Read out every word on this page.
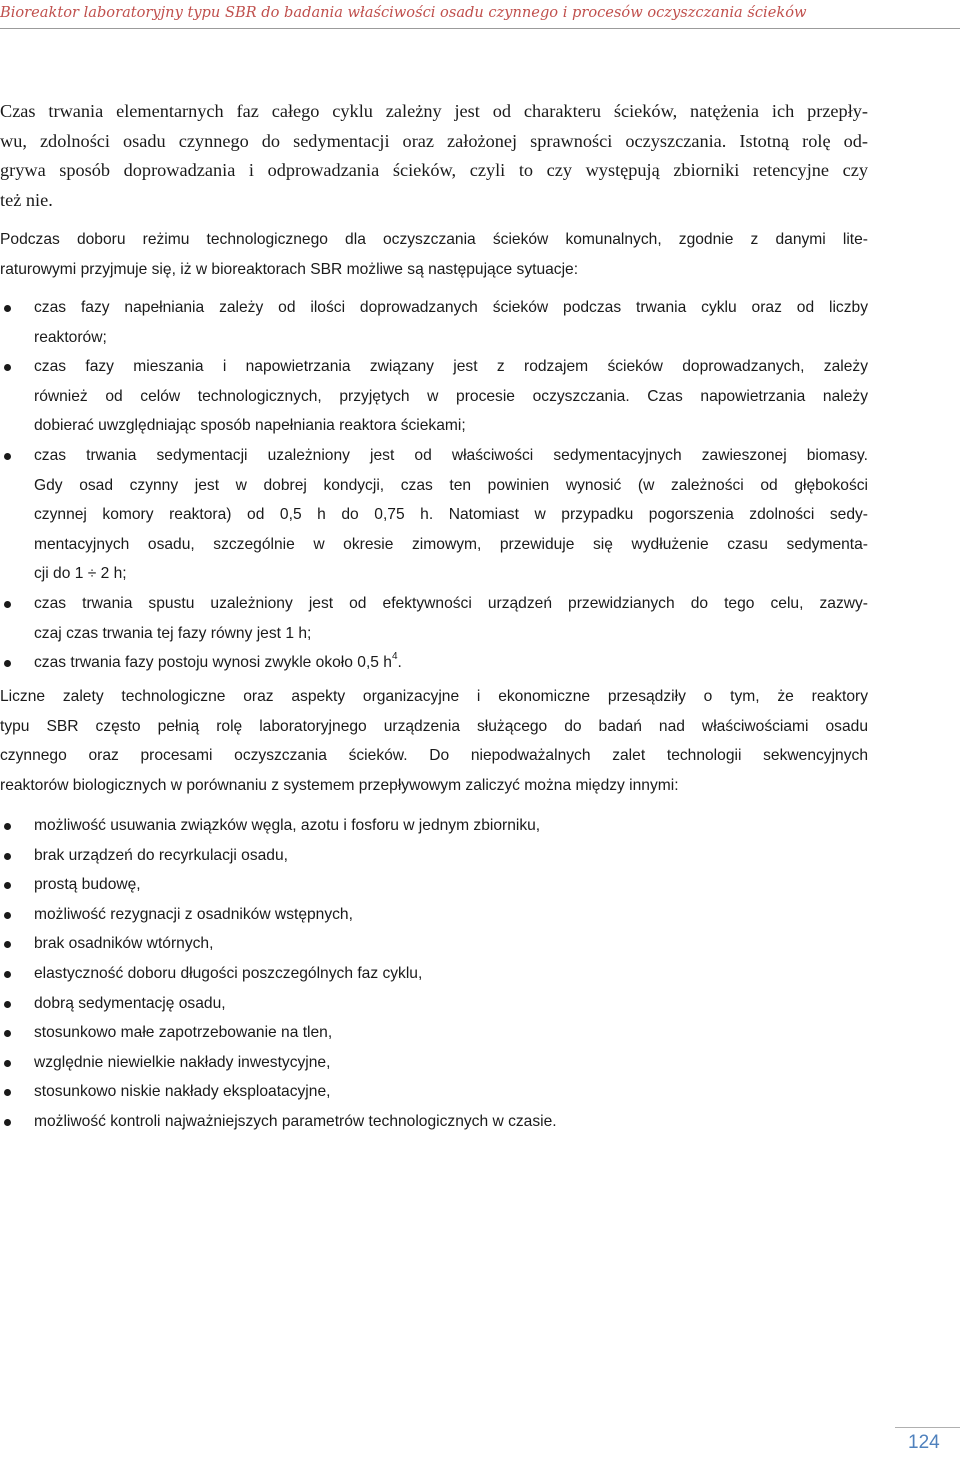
Bioreaktor laboratoryjny typu SBR do badania właściwości osadu czynnego i procesów oczyszczania ścieków
Czas trwania elementarnych faz całego cyklu zależny jest od charakteru ścieków, natężenia ich przepły-
wu, zdolności osadu czynnego do sedymentacji oraz założonej sprawności oczyszczania. Istotną rolę od-
grywa sposób doprowadzania i odprowadzania ścieków, czyli to czy występują zbiorniki retencyjne czy
też nie.
Podczas doboru reżimu technologicznego dla oczyszczania ścieków komunalnych, zgodnie z danymi lite-
raturowymi przyjmuje się, iż w bioreaktorach SBR możliwe są następujące sytuacje:
czas fazy napełniania zależy od ilości doprowadzanych ścieków podczas trwania cyklu oraz od liczby
reaktorów;
czas fazy mieszania i napowietrzania związany jest z rodzajem ścieków doprowadzanych, zależy
również od celów technologicznych, przyjętych w procesie oczyszczania. Czas napowietrzania należy
dobierać uwzględniając sposób napełniania reaktora ściekami;
czas trwania sedymentacji uzależniony jest od właściwości sedymentacyjnych zawieszonej biomasy.
Gdy osad czynny jest w dobrej kondycji, czas ten powinien wynosić (w zależności od głębokości
czynnej komory reaktora) od 0,5 h do 0,75 h. Natomiast w przypadku pogorszenia zdolności sedy-
mentacyjnych osadu, szczególnie w okresie zimowym, przewiduje się wydłużenie czasu sedymenta-
cji do 1 ÷ 2 h;
czas trwania spustu uzależniony jest od efektywności urządzeń przewidzianych do tego celu, zazwy-
czaj czas trwania tej fazy równy jest 1 h;
czas trwania fazy postoju wynosi zwykle około 0,5 $h^4$.
Liczne zalety technologiczne oraz aspekty organizacyjne i ekonomiczne przesądziły o tym, że reaktory
typu SBR często pełnią rolę laboratoryjnego urządzenia służącego do badań nad właściwościami osadu
czynnego oraz procesami oczyszczania ścieków. Do niepodważalnych zalet technologii sekwencyjnych
reaktorów biologicznych w porównaniu z systemem przepływowym zaliczyć można między innymi:
możliwość usuwania związków węgla, azotu i fosforu w jednym zbiorniku,
brak urządzeń do recyrkulacji osadu,
prostą budowę,
możliwość rezygnacji z osadników wstępnych,
brak osadników wtórnych,
elastyczność doboru długości poszczególnych faz cyklu,
dobrą sedymentację osadu,
stosunkowo małe zapotrzebowanie na tlen,
względnie niewielkie nakłady inwestycyjne,
stosunkowo niskie nakłady eksploatacyjne,
możliwość kontroli najważniejszych parametrów technologicznych w czasie.
124
